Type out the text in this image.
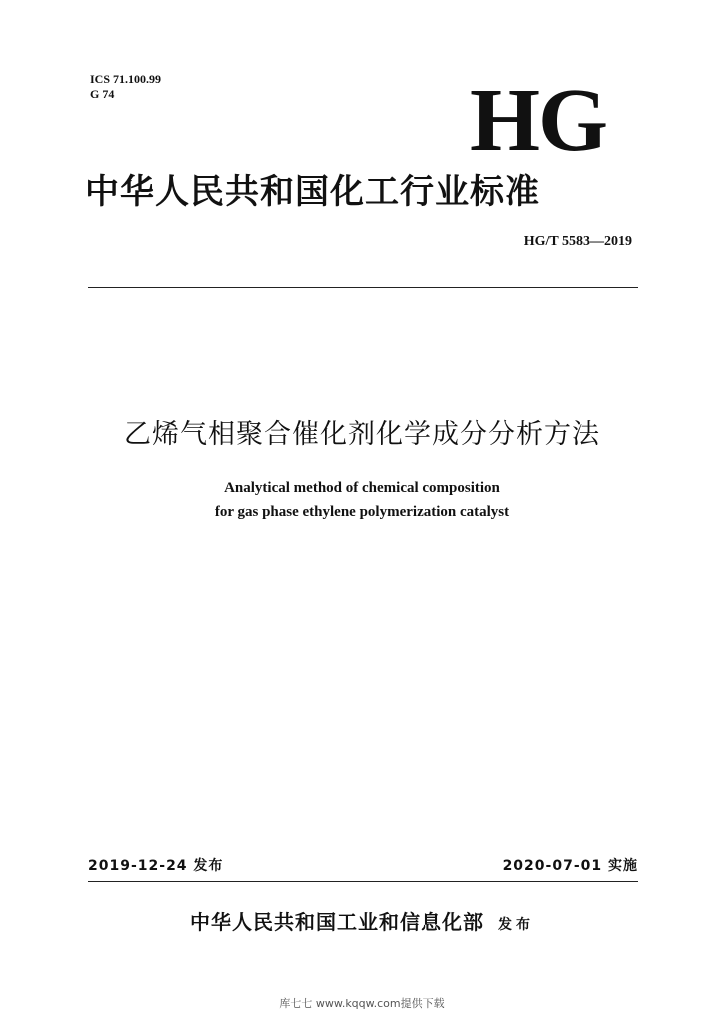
ICS 71.100.99
G 74	HG
中华人民共和国化工行业标准
HG/T 5583—2019
乙烯气相聚合催化剂化学成分分析方法
Analytical method of chemical composition
for gas phase ethylene polymerization catalyst
2019-12-24 发布	2020-07-01 实施
中华人民共和国工业和信息化部 发布
库七七 www.kqqw.com提供下载
